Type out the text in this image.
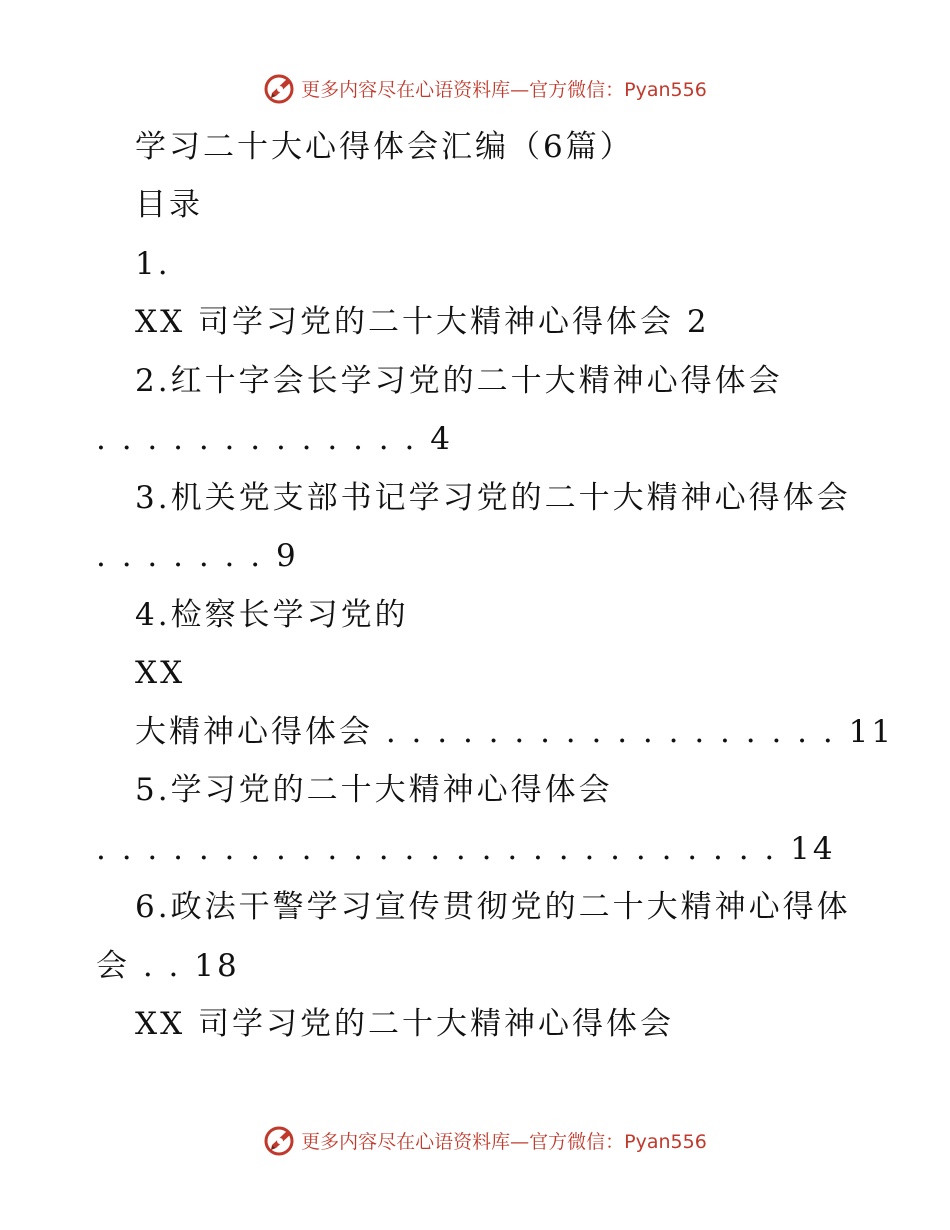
更多内容尽在心语资料库—官方微信：Pyan556
学习二十大心得体会汇编（6篇）
目录
1.
XX 司学习党的二十大精神心得体会 2
2.红十字会长学习党的二十大精神心得体会
. . . . . . . . . . . . . 4
3.机关党支部书记学习党的二十大精神心得体会
. . . . . . . 9
4.检察长学习党的
XX
大精神心得体会 . . . . . . . . . . . . . . . . . . 11
5.学习党的二十大精神心得体会
. . . . . . . . . . . . . . . . . . . . . . . . . . . 14
6.政法干警学习宣传贯彻党的二十大精神心得体
会 . . 18
XX 司学习党的二十大精神心得体会
更多内容尽在心语资料库—官方微信：Pyan556
